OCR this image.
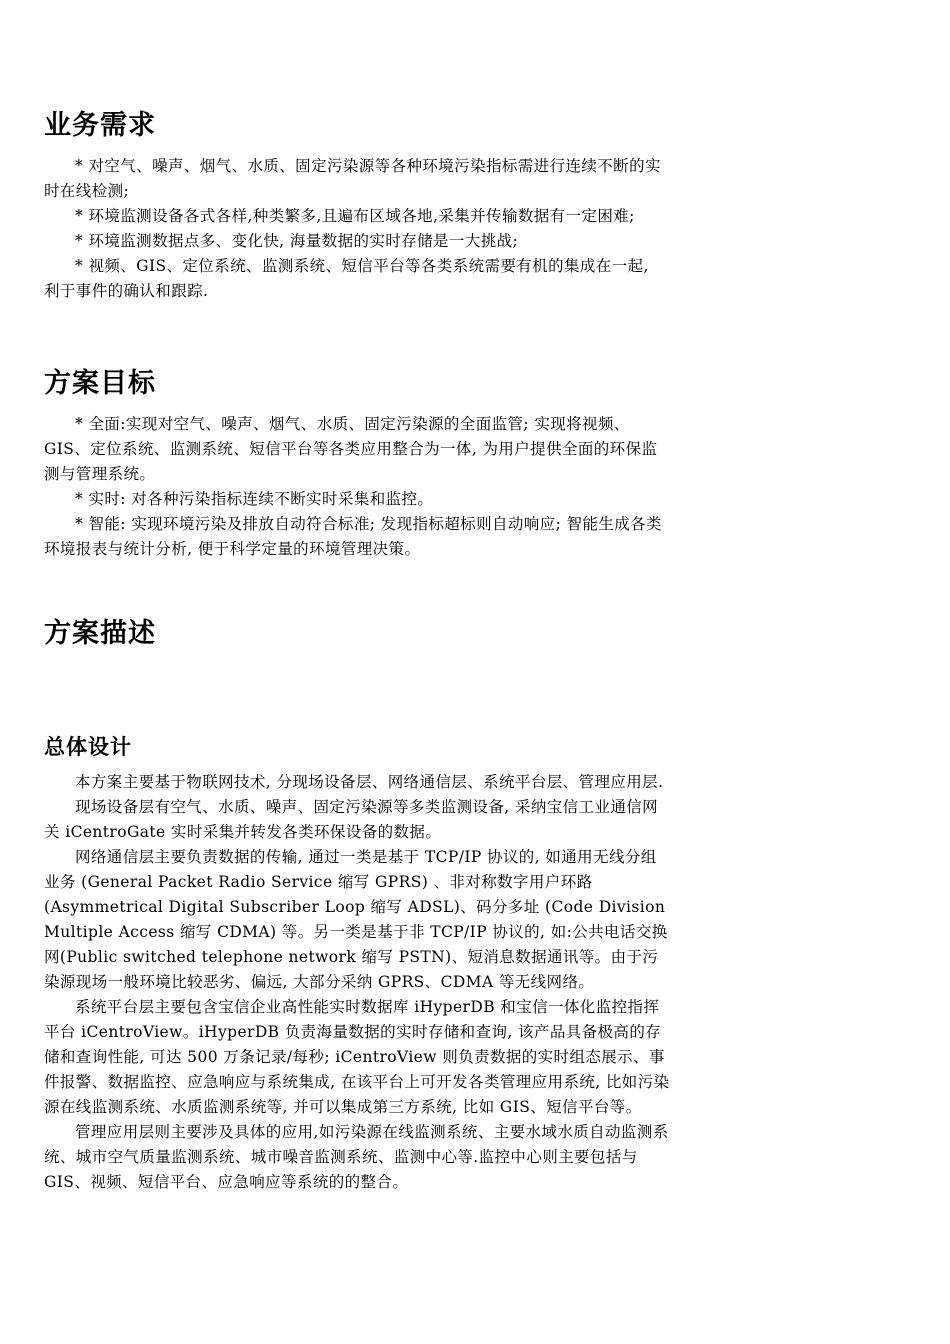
业务需求

* 对空气、噪声、烟气、水质、固定污染源等各种环境污染指标需进行连续不断的实时在线检测;

* 环境监测设备各式各样,种类繁多,且遍布区域各地,采集并传输数据有一定困难;

* 环境监测数据点多、变化快, 海量数据的实时存储是一大挑战;

* 视频、GIS、定位系统、监测系统、短信平台等各类系统需要有机的集成在一起, 利于事件的确认和跟踪.

方案目标

* 全面:实现对空气、噪声、烟气、水质、固定污染源的全面监管; 实现将视频、GIS、定位系统、监测系统、短信平台等各类应用整合为一体, 为用户提供全面的环保监测与管理系统。

* 实时: 对各种污染指标连续不断实时采集和监控。

* 智能: 实现环境污染及排放自动符合标准; 发现指标超标则自动响应; 智能生成各类环境报表与统计分析, 便于科学定量的环境管理决策。

方案描述
总体设计

本方案主要基于物联网技术, 分现场设备层、网络通信层、系统平台层、管理应用层.

现场设备层有空气、水质、噪声、固定污染源等多类监测设备, 采纳宝信工业通信网关 iCentroGate 实时采集并转发各类环保设备的数据。

网络通信层主要负责数据的传输, 通过一类是基于 TCP/IP 协议的, 如通用无线分组业务 (General Packet Radio Service 缩写 GPRS) 、非对称数字用户环路 (Asymmetrical Digital Subscriber Loop 缩写 ADSL)、码分多址 (Code Division Multiple Access 缩写 CDMA) 等。另一类是基于非 TCP/IP 协议的, 如:公共电话交换网(Public switched telephone network 缩写 PSTN)、短消息数据通讯等。由于污染源现场一般环境比较恶劣、偏远, 大部分采纳 GPRS、CDMA 等无线网络。

系统平台层主要包含宝信企业高性能实时数据库 iHyperDB 和宝信一体化监控指挥平台 iCentroView。iHyperDB 负责海量数据的实时存储和查询, 该产品具备极高的存储和查询性能, 可达 500 万条记录/每秒; iCentroView 则负责数据的实时组态展示、事件报警、数据监控、应急响应与系统集成, 在该平台上可开发各类管理应用系统, 比如污染源在线监测系统、水质监测系统等, 并可以集成第三方系统, 比如 GIS、短信平台等。

管理应用层则主要涉及具体的应用,如污染源在线监测系统、主要水域水质自动监测系统、城市空气质量监测系统、城市噪音监测系统、监测中心等.监控中心则主要包括与 GIS、视频、短信平台、应急响应等系统的的整合。
